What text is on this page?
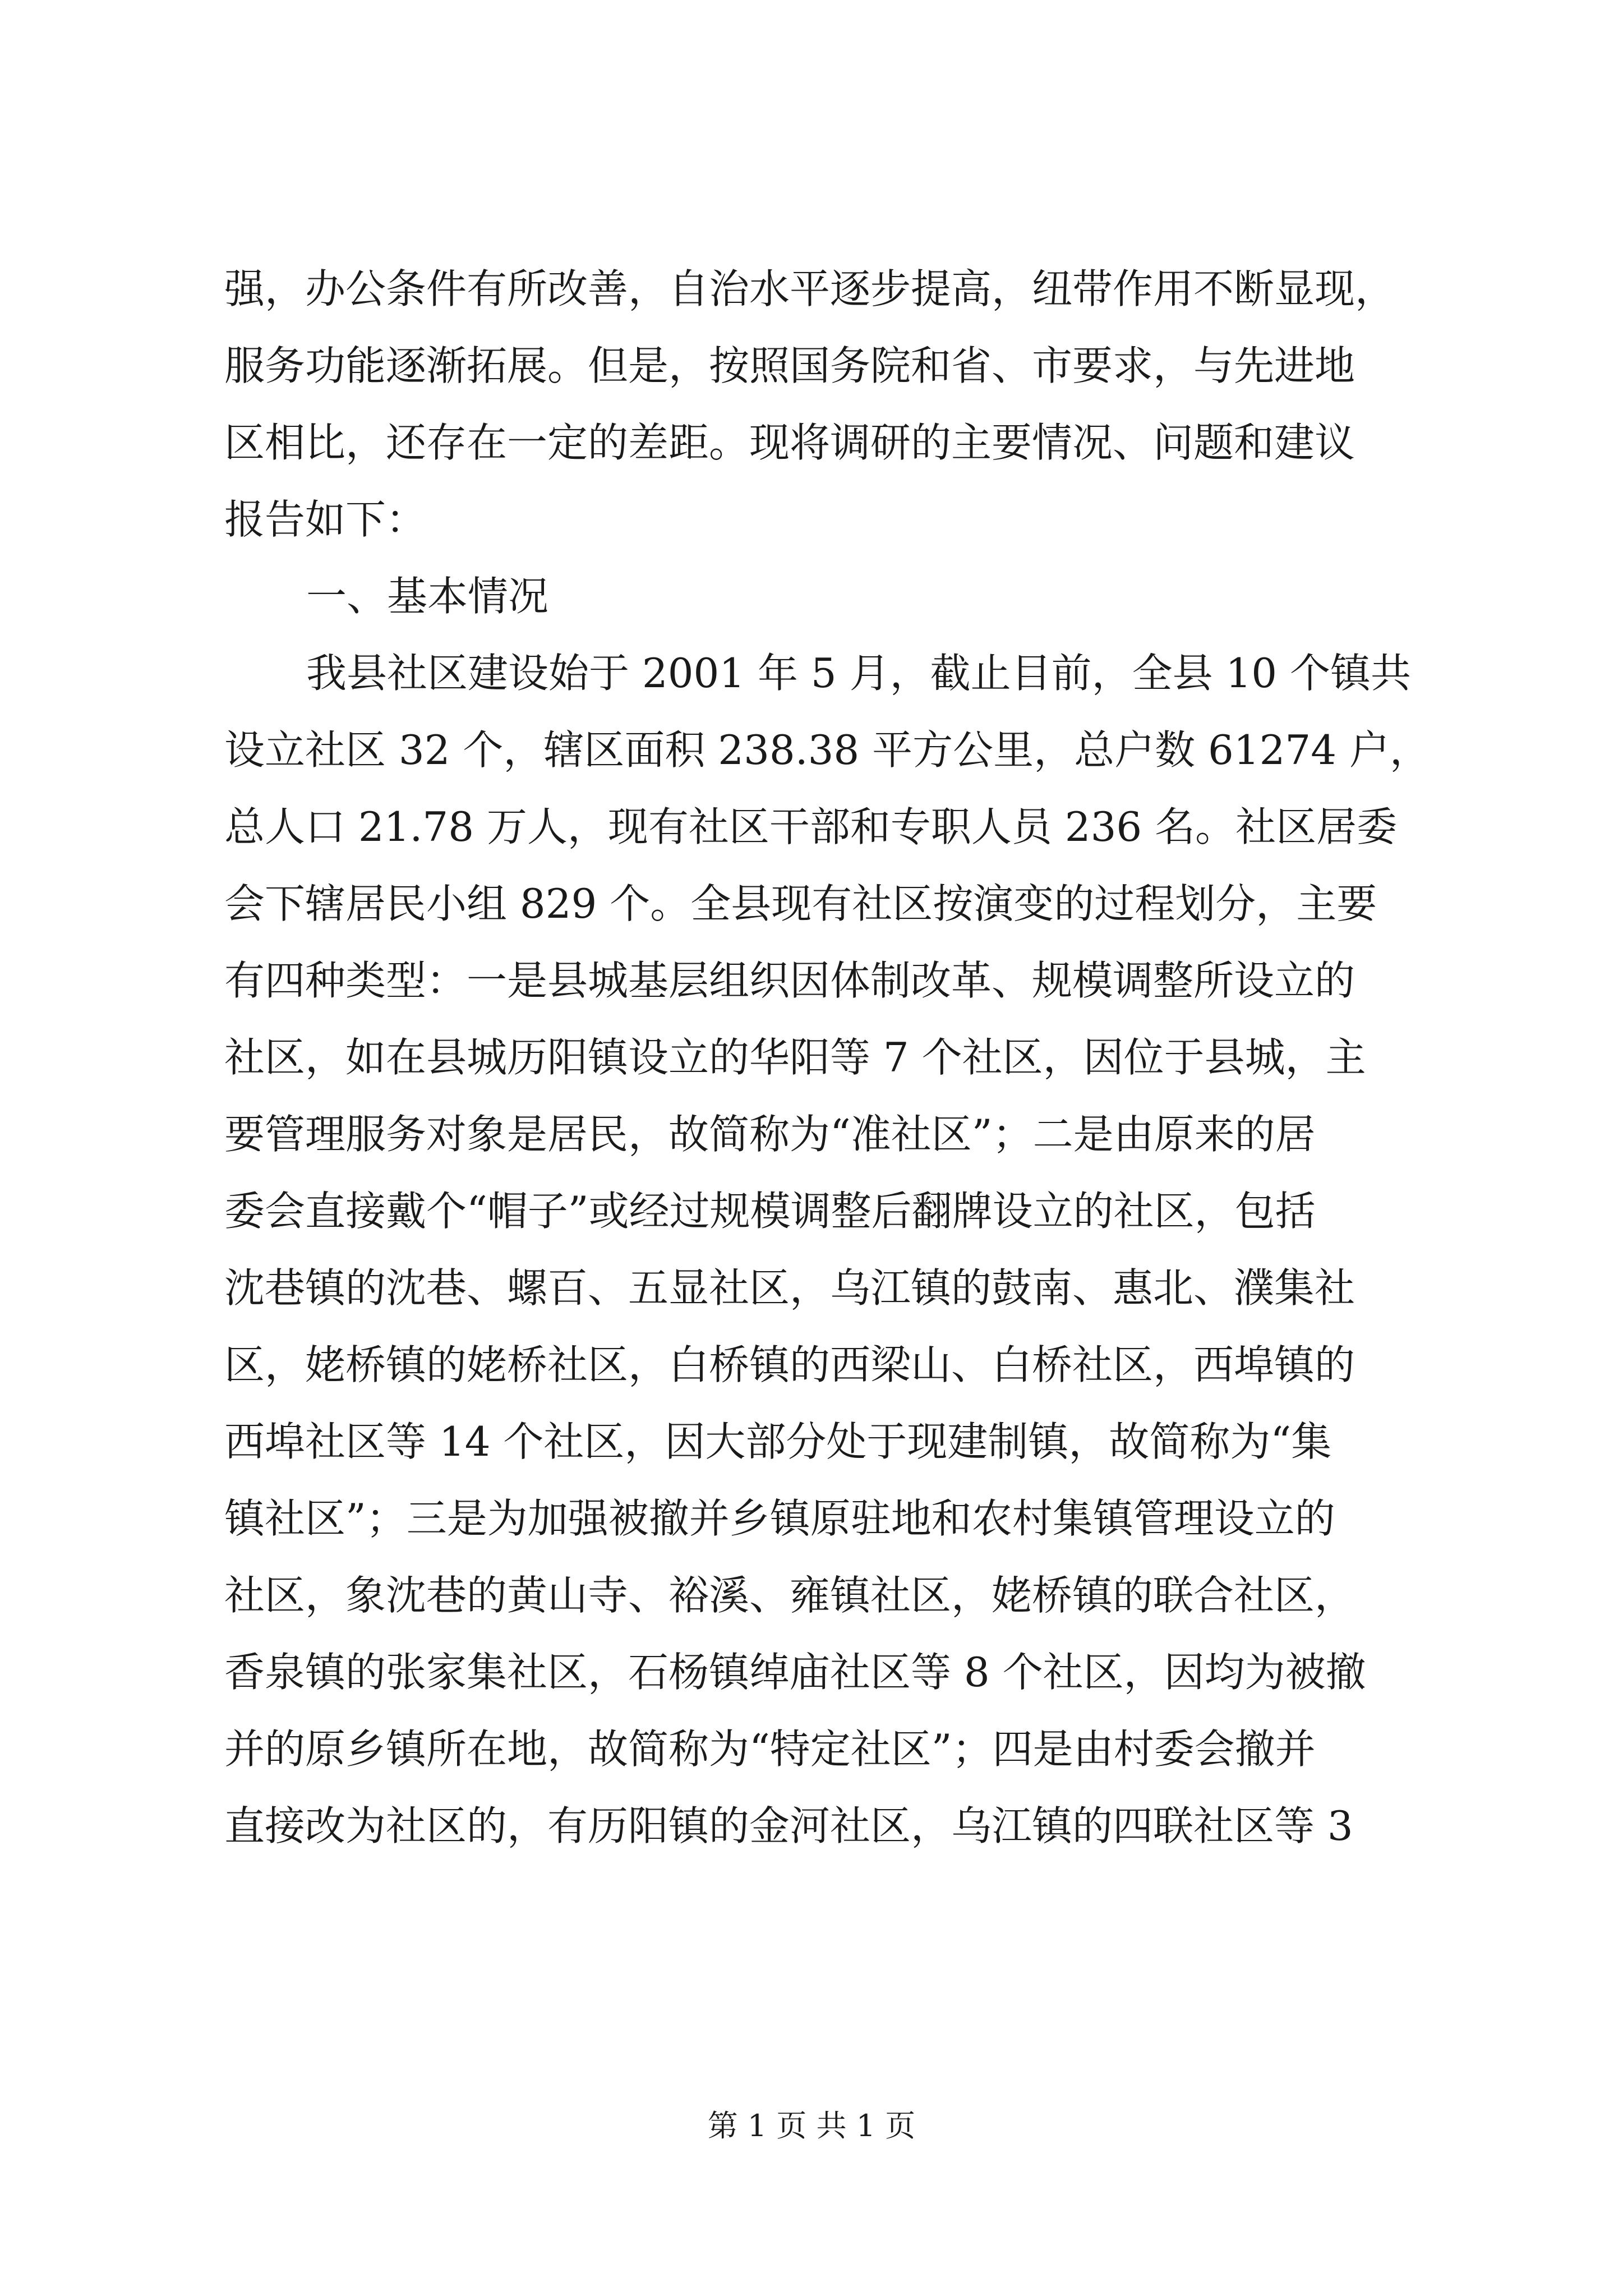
强，办公条件有所改善，自治水平逐步提高，纽带作用不断显现，
服务功能逐渐拓展。但是，按照国务院和省、市要求，与先进地
区相比，还存在一定的差距。现将调研的主要情况、问题和建议
报告如下：
一、基本情况
我县社区建设始于 2001 年 5 月，截止目前，全县 10 个镇共
设立社区 32 个，辖区面积 238.38 平方公里，总户数 61274 户，
总人口 21.78 万人，现有社区干部和专职人员 236 名。社区居委
会下辖居民小组 829 个。全县现有社区按演变的过程划分，主要
有四种类型：一是县城基层组织因体制改革、规模调整所设立的
社区，如在县城历阳镇设立的华阳等 7 个社区，因位于县城，主
要管理服务对象是居民，故简称为“准社区”；二是由原来的居
委会直接戴个“帽子”或经过规模调整后翻牌设立的社区，包括
沈巷镇的沈巷、螺百、五显社区，乌江镇的鼓南、惠北、濮集社
区，姥桥镇的姥桥社区，白桥镇的西梁山、白桥社区，西埠镇的
西埠社区等 14 个社区，因大部分处于现建制镇，故简称为“集
镇社区”；三是为加强被撤并乡镇原驻地和农村集镇管理设立的
社区，象沈巷的黄山寺、裕溪、雍镇社区，姥桥镇的联合社区，
香泉镇的张家集社区，石杨镇绰庙社区等 8 个社区，因均为被撤
并的原乡镇所在地，故简称为“特定社区”；四是由村委会撤并
直接改为社区的，有历阳镇的金河社区，乌江镇的四联社区等 3
第 1 页 共 1 页
